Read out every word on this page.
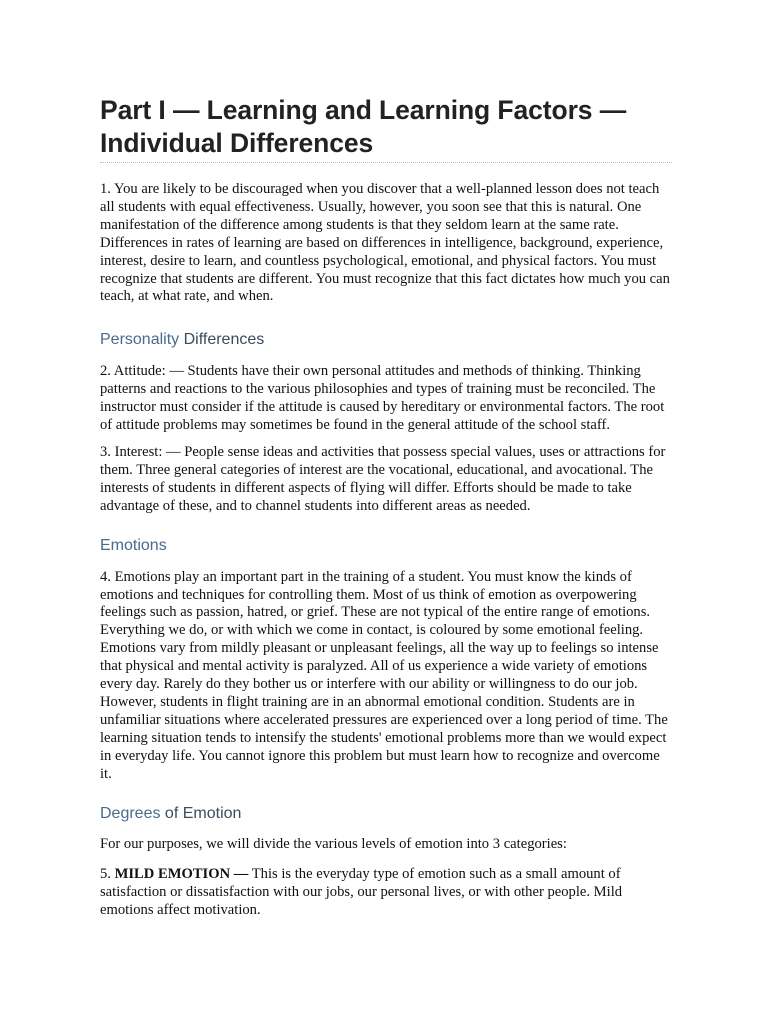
Part I — Learning and Learning Factors — Individual Differences

1. You are likely to be discouraged when you discover that a well-planned lesson does not teach all students with equal effectiveness. Usually, however, you soon see that this is natural. One manifestation of the difference among students is that they seldom learn at the same rate. Differences in rates of learning are based on differences in intelligence, background, experience, interest, desire to learn, and countless psychological, emotional, and physical factors. You must recognize that students are different. You must recognize that this fact dictates how much you can teach, at what rate, and when.

Personality Differences

2. Attitude: — Students have their own personal attitudes and methods of thinking. Thinking patterns and reactions to the various philosophies and types of training must be reconciled. The instructor must consider if the attitude is caused by hereditary or environmental factors. The root of attitude problems may sometimes be found in the general attitude of the school staff.

3. Interest: — People sense ideas and activities that possess special values, uses or attractions for them. Three general categories of interest are the vocational, educational, and avocational. The interests of students in different aspects of flying will differ. Efforts should be made to take advantage of these, and to channel students into different areas as needed.

Emotions

4. Emotions play an important part in the training of a student. You must know the kinds of emotions and techniques for controlling them. Most of us think of emotion as overpowering feelings such as passion, hatred, or grief. These are not typical of the entire range of emotions. Everything we do, or with which we come in contact, is coloured by some emotional feeling. Emotions vary from mildly pleasant or unpleasant feelings, all the way up to feelings so intense that physical and mental activity is paralyzed. All of us experience a wide variety of emotions every day. Rarely do they bother us or interfere with our ability or willingness to do our job. However, students in flight training are in an abnormal emotional condition. Students are in unfamiliar situations where accelerated pressures are experienced over a long period of time. The learning situation tends to intensify the students' emotional problems more than we would expect in everyday life. You cannot ignore this problem but must learn how to recognize and overcome it.

Degrees of Emotion

For our purposes, we will divide the various levels of emotion into 3 categories:

5. MILD EMOTION — This is the everyday type of emotion such as a small amount of satisfaction or dissatisfaction with our jobs, our personal lives, or with other people. Mild emotions affect motivation.
